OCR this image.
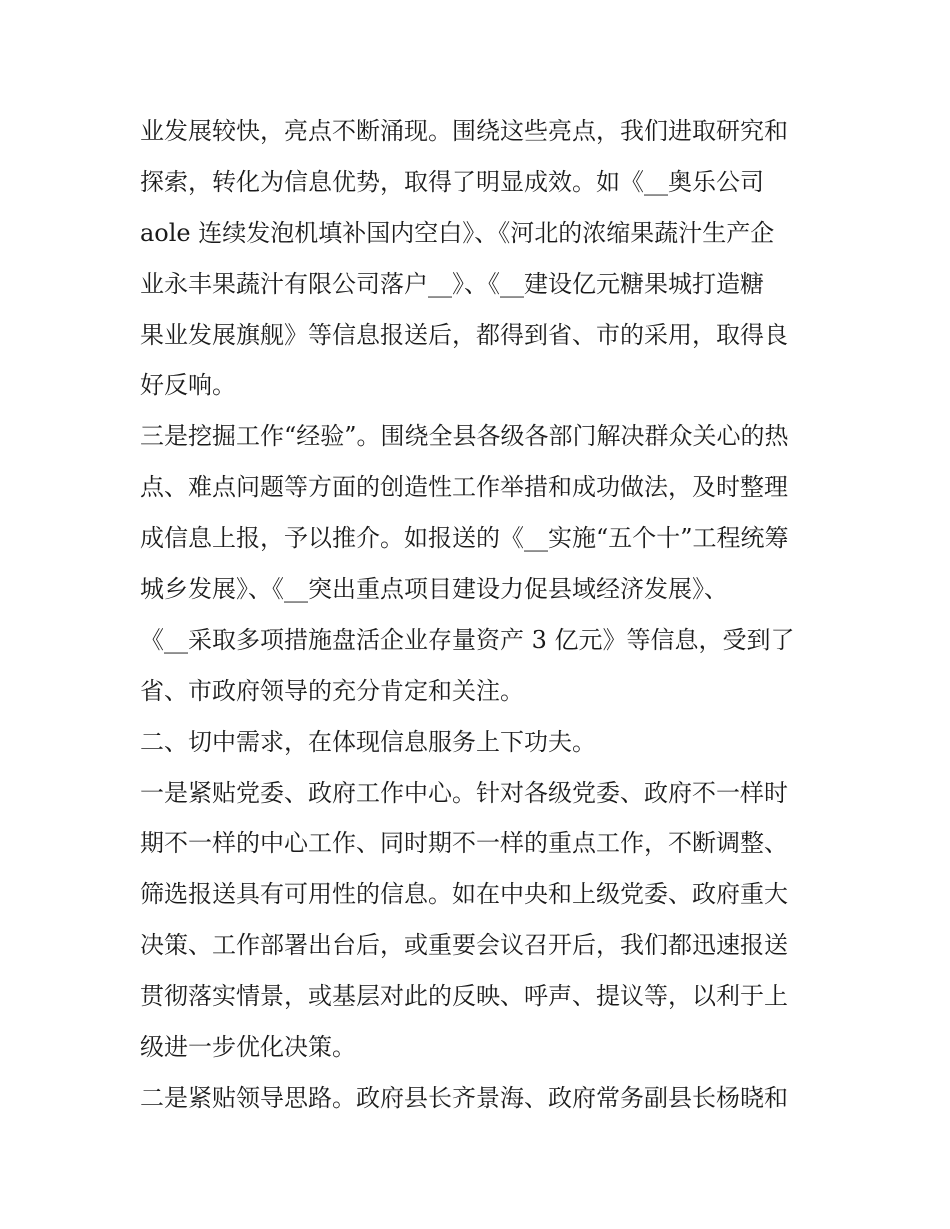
业发展较快，亮点不断涌现。围绕这些亮点，我们进取研究和
探索，转化为信息优势，取得了明显成效。如《__奥乐公司
aole 连续发泡机填补国内空白》、《河北的浓缩果蔬汁生产企
业永丰果蔬汁有限公司落户__》、《__建设亿元糖果城打造糖
果业发展旗舰》等信息报送后，都得到省、市的采用，取得良
好反响。
三是挖掘工作“经验”。围绕全县各级各部门解决群众关心的热
点、难点问题等方面的创造性工作举措和成功做法，及时整理
成信息上报，予以推介。如报送的《__实施“五个十”工程统筹
城乡发展》、《__突出重点项目建设力促县域经济发展》、
《__采取多项措施盘活企业存量资产 3 亿元》等信息，受到了
省、市政府领导的充分肯定和关注。
二、切中需求，在体现信息服务上下功夫。
一是紧贴党委、政府工作中心。针对各级党委、政府不一样时
期不一样的中心工作、同时期不一样的重点工作，不断调整、
筛选报送具有可用性的信息。如在中央和上级党委、政府重大
决策、工作部署出台后，或重要会议召开后，我们都迅速报送
贯彻落实情景，或基层对此的反映、呼声、提议等，以利于上
级进一步优化决策。
二是紧贴领导思路。政府县长齐景海、政府常务副县长杨晓和
